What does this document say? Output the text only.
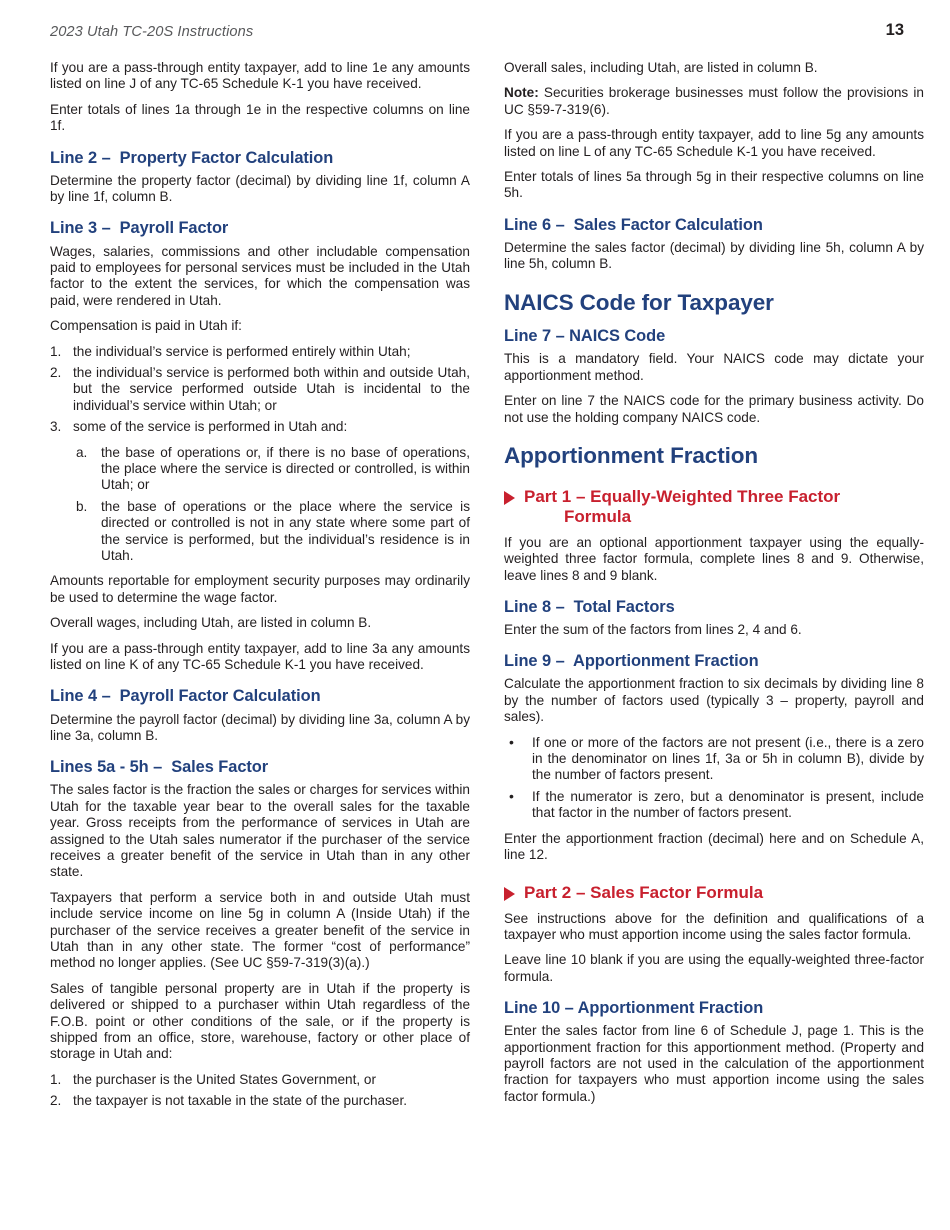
2023 Utah TC-20S Instructions	13

If you are a pass-through entity taxpayer, add to line 1e any amounts listed on line J of any TC-65 Schedule K-1 you have received.

Enter totals of lines 1a through 1e in the respective columns on line 1f.

Line 2 –  Property Factor Calculation

Determine the property factor (decimal) by dividing line 1f, column A by line 1f, column B.

Line 3 –  Payroll Factor

Wages, salaries, commissions and other includable compensation paid to employees for personal services must be included in the Utah factor to the extent the services, for which the compensation was paid, were rendered in Utah.

Compensation is paid in Utah if:

1. the individual’s service is performed entirely within Utah;
2. the individual’s service is performed both within and outside Utah, but the service performed outside Utah is incidental to the individual’s service within Utah; or
3. some of the service is performed in Utah and:
a. the base of operations or, if there is no base of operations, the place where the service is directed or controlled, is within Utah; or
b. the base of operations or the place where the service is directed or controlled is not in any state where some part of the service is performed, but the individual’s residence is in Utah.

Amounts reportable for employment security purposes may ordinarily be used to determine the wage factor.

Overall wages, including Utah, are listed in column B.

If you are a pass-through entity taxpayer, add to line 3a any amounts listed on line K of any TC-65 Schedule K-1 you have received.

Line 4 –  Payroll Factor Calculation

Determine the payroll factor (decimal) by dividing line 3a, column A by line 3a, column B.

Lines 5a - 5h –  Sales Factor

The sales factor is the fraction the sales or charges for services within Utah for the taxable year bear to the overall sales for the taxable year. Gross receipts from the performance of services in Utah are assigned to the Utah sales numerator if the purchaser of the service receives a greater benefit of the service in Utah than in any other state.

Taxpayers that perform a service both in and outside Utah must include service income on line 5g in column A (Inside Utah) if the purchaser of the service receives a greater benefit of the service in Utah than in any other state. The former “cost of performance” method no longer applies. (See UC §59-7-319(3)(a).)

Sales of tangible personal property are in Utah if the property is delivered or shipped to a purchaser within Utah regardless of the F.O.B. point or other conditions of the sale, or if the property is shipped from an office, store, warehouse, factory or other place of storage in Utah and:

1. the purchaser is the United States Government, or
2. the taxpayer is not taxable in the state of the purchaser.

Overall sales, including Utah, are listed in column B.

Note: Securities brokerage businesses must follow the provisions in UC §59-7-319(6).

If you are a pass-through entity taxpayer, add to line 5g any amounts listed on line L of any TC-65 Schedule K-1 you have received.

Enter totals of lines 5a through 5g in their respective columns on line 5h.

Line 6 –  Sales Factor Calculation

Determine the sales factor (decimal) by dividing line 5h, column A by line 5h, column B.

NAICS Code for Taxpayer
Line 7 – NAICS Code

This is a mandatory field. Your NAICS code may dictate your apportionment method.

Enter on line 7 the NAICS code for the primary business activity. Do not use the holding company NAICS code.

Apportionment Fraction
Part 1 – Equally-Weighted Three Factor
Formula

If you are an optional apportionment taxpayer using the equally-weighted three factor formula, complete lines 8 and 9. Otherwise, leave lines 8 and 9 blank.

Line 8 –  Total Factors

Enter the sum of the factors from lines 2, 4 and 6.

Line 9 –  Apportionment Fraction

Calculate the apportionment fraction to six decimals by dividing line 8 by the number of factors used (typically 3 – property, payroll and sales).

• If one or more of the factors are not present (i.e., there is a zero in the denominator on lines 1f, 3a or 5h in column B), divide by the number of factors present.
• If the numerator is zero, but a denominator is present, include that factor in the number of factors present.

Enter the apportionment fraction (decimal) here and on Schedule A, line 12.

Part 2 – Sales Factor Formula

See instructions above for the definition and qualifications of a taxpayer who must apportion income using the sales factor formula.

Leave line 10 blank if you are using the equally-weighted three-factor formula.

Line 10 – Apportionment Fraction

Enter the sales factor from line 6 of Schedule J, page 1. This is the apportionment fraction for this apportionment method. (Property and payroll factors are not used in the calculation of the apportionment fraction for taxpayers who must apportion income using the sales factor formula.)
